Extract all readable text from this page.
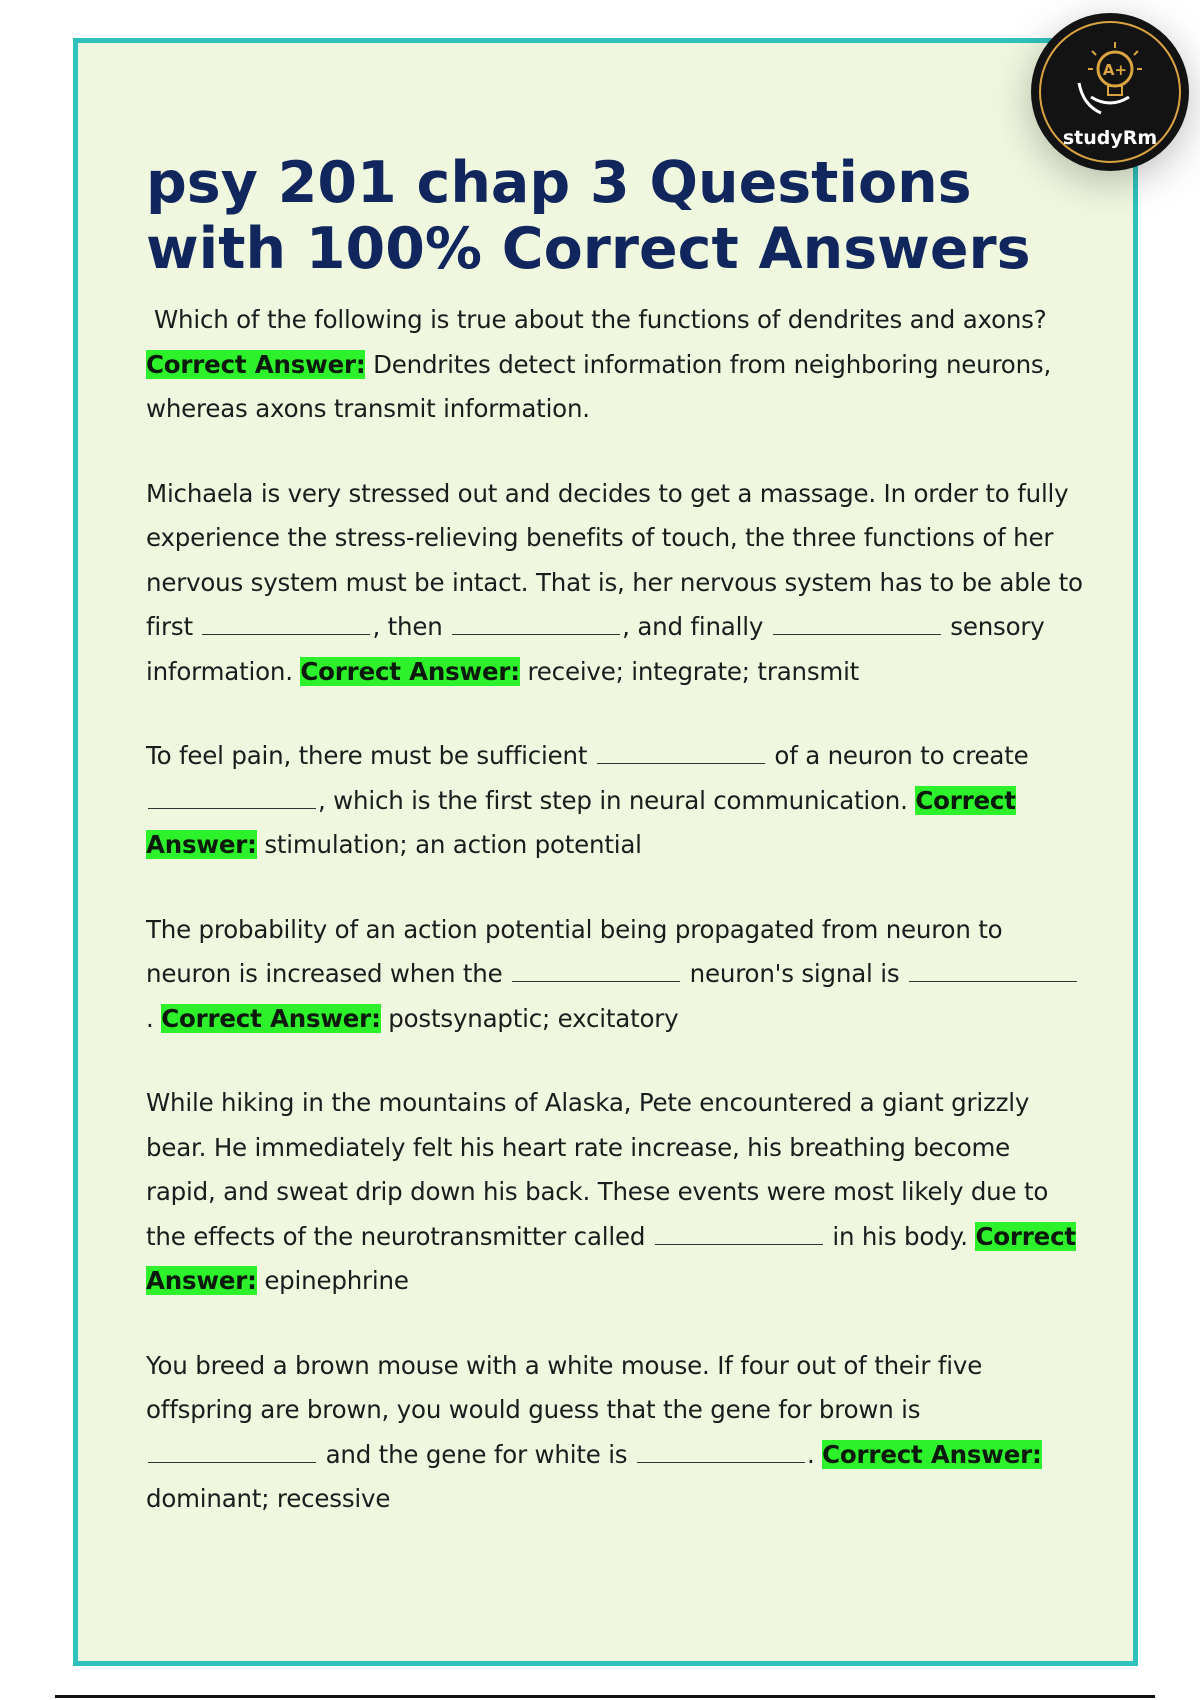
A+
studyRm
psy 201 chap 3 Questions with 100% Correct Answers

Which of the following is true about the functions of dendrites and axons? Correct Answer: Dendrites detect information from neighboring neurons, whereas axons transmit information.

Michaela is very stressed out and decides to get a massage. In order to fully experience the stress-relieving benefits of touch, the three functions of her nervous system must be intact. That is, her nervous system has to be able to first	, then	, and finally	sensory information. Correct Answer: receive; integrate; transmit

To feel pain, there must be sufficient	of a neuron to create , which is the first step in neural communication. Correct Answer: stimulation; an action potential

The probability of an action potential being propagated from neuron to neuron is increased when the	neuron's signal is . Correct Answer: postsynaptic; excitatory

While hiking in the mountains of Alaska, Pete encountered a giant grizzly bear. He immediately felt his heart rate increase, his breathing become rapid, and sweat drip down his back. These events were most likely due to the effects of the neurotransmitter called	in his body. Correct Answer: epinephrine

You breed a brown mouse with a white mouse. If four out of their five offspring are brown, you would guess that the gene for brown is  and the gene for white is	. Correct Answer: dominant; recessive
